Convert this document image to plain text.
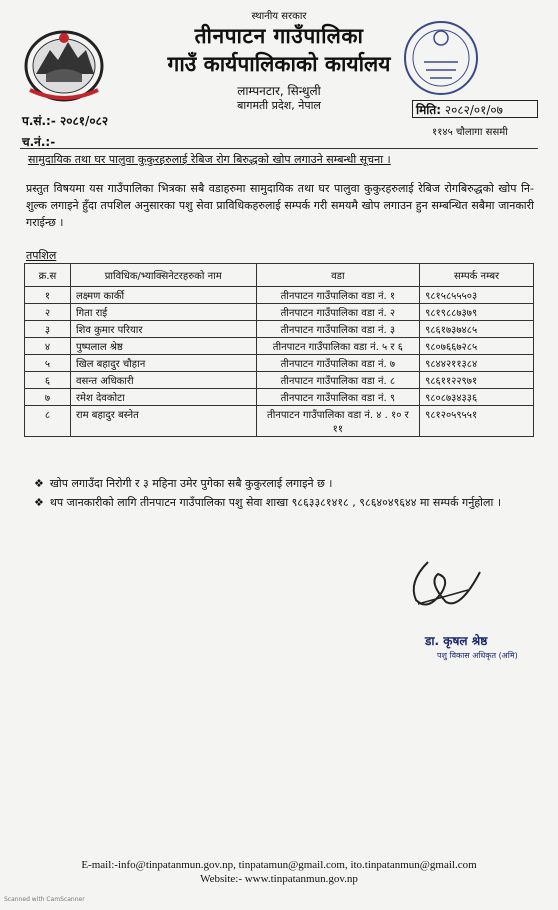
स्थानीय सरकार
तीनपाटन गाउँपालिका
गाउँ कार्यपालिकाको कार्यालय
लाम्पनटार, सिन्धुली
बागमती प्रदेश, नेपाल
प.सं.:- २०८१/०८२
च.नं.:-
मिति: २०८२/०१/०७
११४५ चौलागा ससमी
सामुदायिक तथा घर पालुवा कुकुरहरुलाई रेबिज रोग बिरुद्धको खोप लगाउने सम्बन्धी सूचना ।
प्रस्तुत विषयमा यस गाउँपालिका भित्रका सबै वडाहरुमा सामुदायिक तथा घर पालुवा कुकुरहरुलाई रेबिज रोगबिरुद्धको खोप नि-शुल्क लगाइने हुँदा तपशिल अनुसारका पशु सेवा प्राविधिकहरुलाई सम्पर्क गरी समयमै खोप लगाउन हुन सम्बन्धित सबैमा जानकारी गराईन्छ ।
तपशिल
क्र.स	प्राविधिक/भ्याक्सिनेटरहरुको नाम	वडा	सम्पर्क नम्बर
१	लक्ष्मण कार्की	तीनपाटन गाउँपालिका वडा नं. १	९८१५८५५५०३
२	गिता राई	तीनपाटन गाउँपालिका वडा नं. २	९८१९८८७३७९
३	शिव कुमार परियार	तीनपाटन गाउँपालिका वडा नं. ३	९८६१७३७४८५
४	पुष्पलाल श्रेष्ठ	तीनपाटन गाउँपालिका वडा नं. ५ र ६	९८०७६६७२८५
५	खिल बहादुर चौहान	तीनपाटन गाउँपालिका वडा नं. ७	९८४४२११३८४
६	वसन्त अधिकारी	तीनपाटन गाउँपालिका वडा नं. ८	९८६११२२९७१
७	रमेश देवकोटा	तीनपाटन गाउँपालिका वडा नं. ९	९८०८७३४३३६
८	राम बहादुर बस्नेत	तीनपाटन गाउँपालिका वडा नं. ४ . १० र ११	९८१२०५९५५१
❖ खोप लगाउँदा निरोगी र ३ महिना उमेर पुगेका सबै कुकुरलाई लगाइने छ ।
❖ थप जानकारीको लागि तीनपाटन गाउँपालिका पशु सेवा शाखा ९८६३३८१४१८ , ९८६४०४९६४४ मा सम्पर्क गर्नुहोला ।
डा. कृषल श्रेष्ठ
पशु विकास अधिकृत (अमि)
E-mail:-info@tinpatanmun.gov.np, tinpatamun@gmail.com, ito.tinpatanmun@gmail.com
Website:- www.tinpatanmun.gov.np
Scanned with CamScanner
